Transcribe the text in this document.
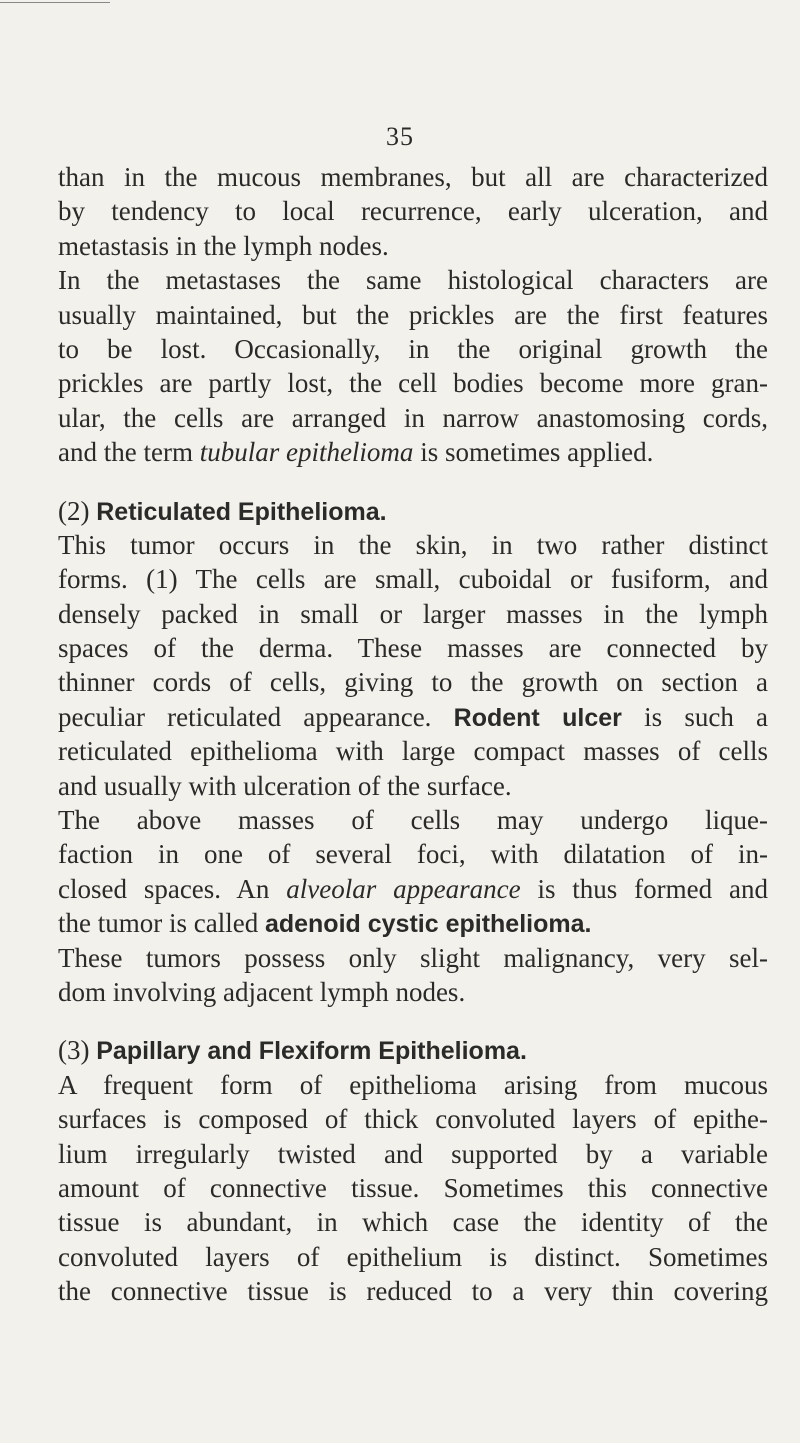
35
than in the mucous membranes, but all are characterized
by tendency to local recurrence, early ulceration, and
metastasis in the lymph nodes.
In the metastases the same histological characters are
usually maintained, but the prickles are the first features
to be lost. Occasionally, in the original growth the
prickles are partly lost, the cell bodies become more gran-
ular, the cells are arranged in narrow anastomosing cords,
and the term tubular epithelioma is sometimes applied.
(2) Reticulated Epithelioma.
This tumor occurs in the skin, in two rather distinct
forms. (1) The cells are small, cuboidal or fusiform, and
densely packed in small or larger masses in the lymph
spaces of the derma. These masses are connected by
thinner cords of cells, giving to the growth on section a
peculiar reticulated appearance. Rodent ulcer is such a
reticulated epithelioma with large compact masses of cells
and usually with ulceration of the surface.
The above masses of cells may undergo lique-
faction in one of several foci, with dilatation of in-
closed spaces. An alveolar appearance is thus formed and
the tumor is called adenoid cystic epithelioma.
These tumors possess only slight malignancy, very sel-
dom involving adjacent lymph nodes.
(3) Papillary and Flexiform Epithelioma.
A frequent form of epithelioma arising from mucous
surfaces is composed of thick convoluted layers of epithe-
lium irregularly twisted and supported by a variable
amount of connective tissue. Sometimes this connective
tissue is abundant, in which case the identity of the
convoluted layers of epithelium is distinct. Sometimes
the connective tissue is reduced to a very thin covering
